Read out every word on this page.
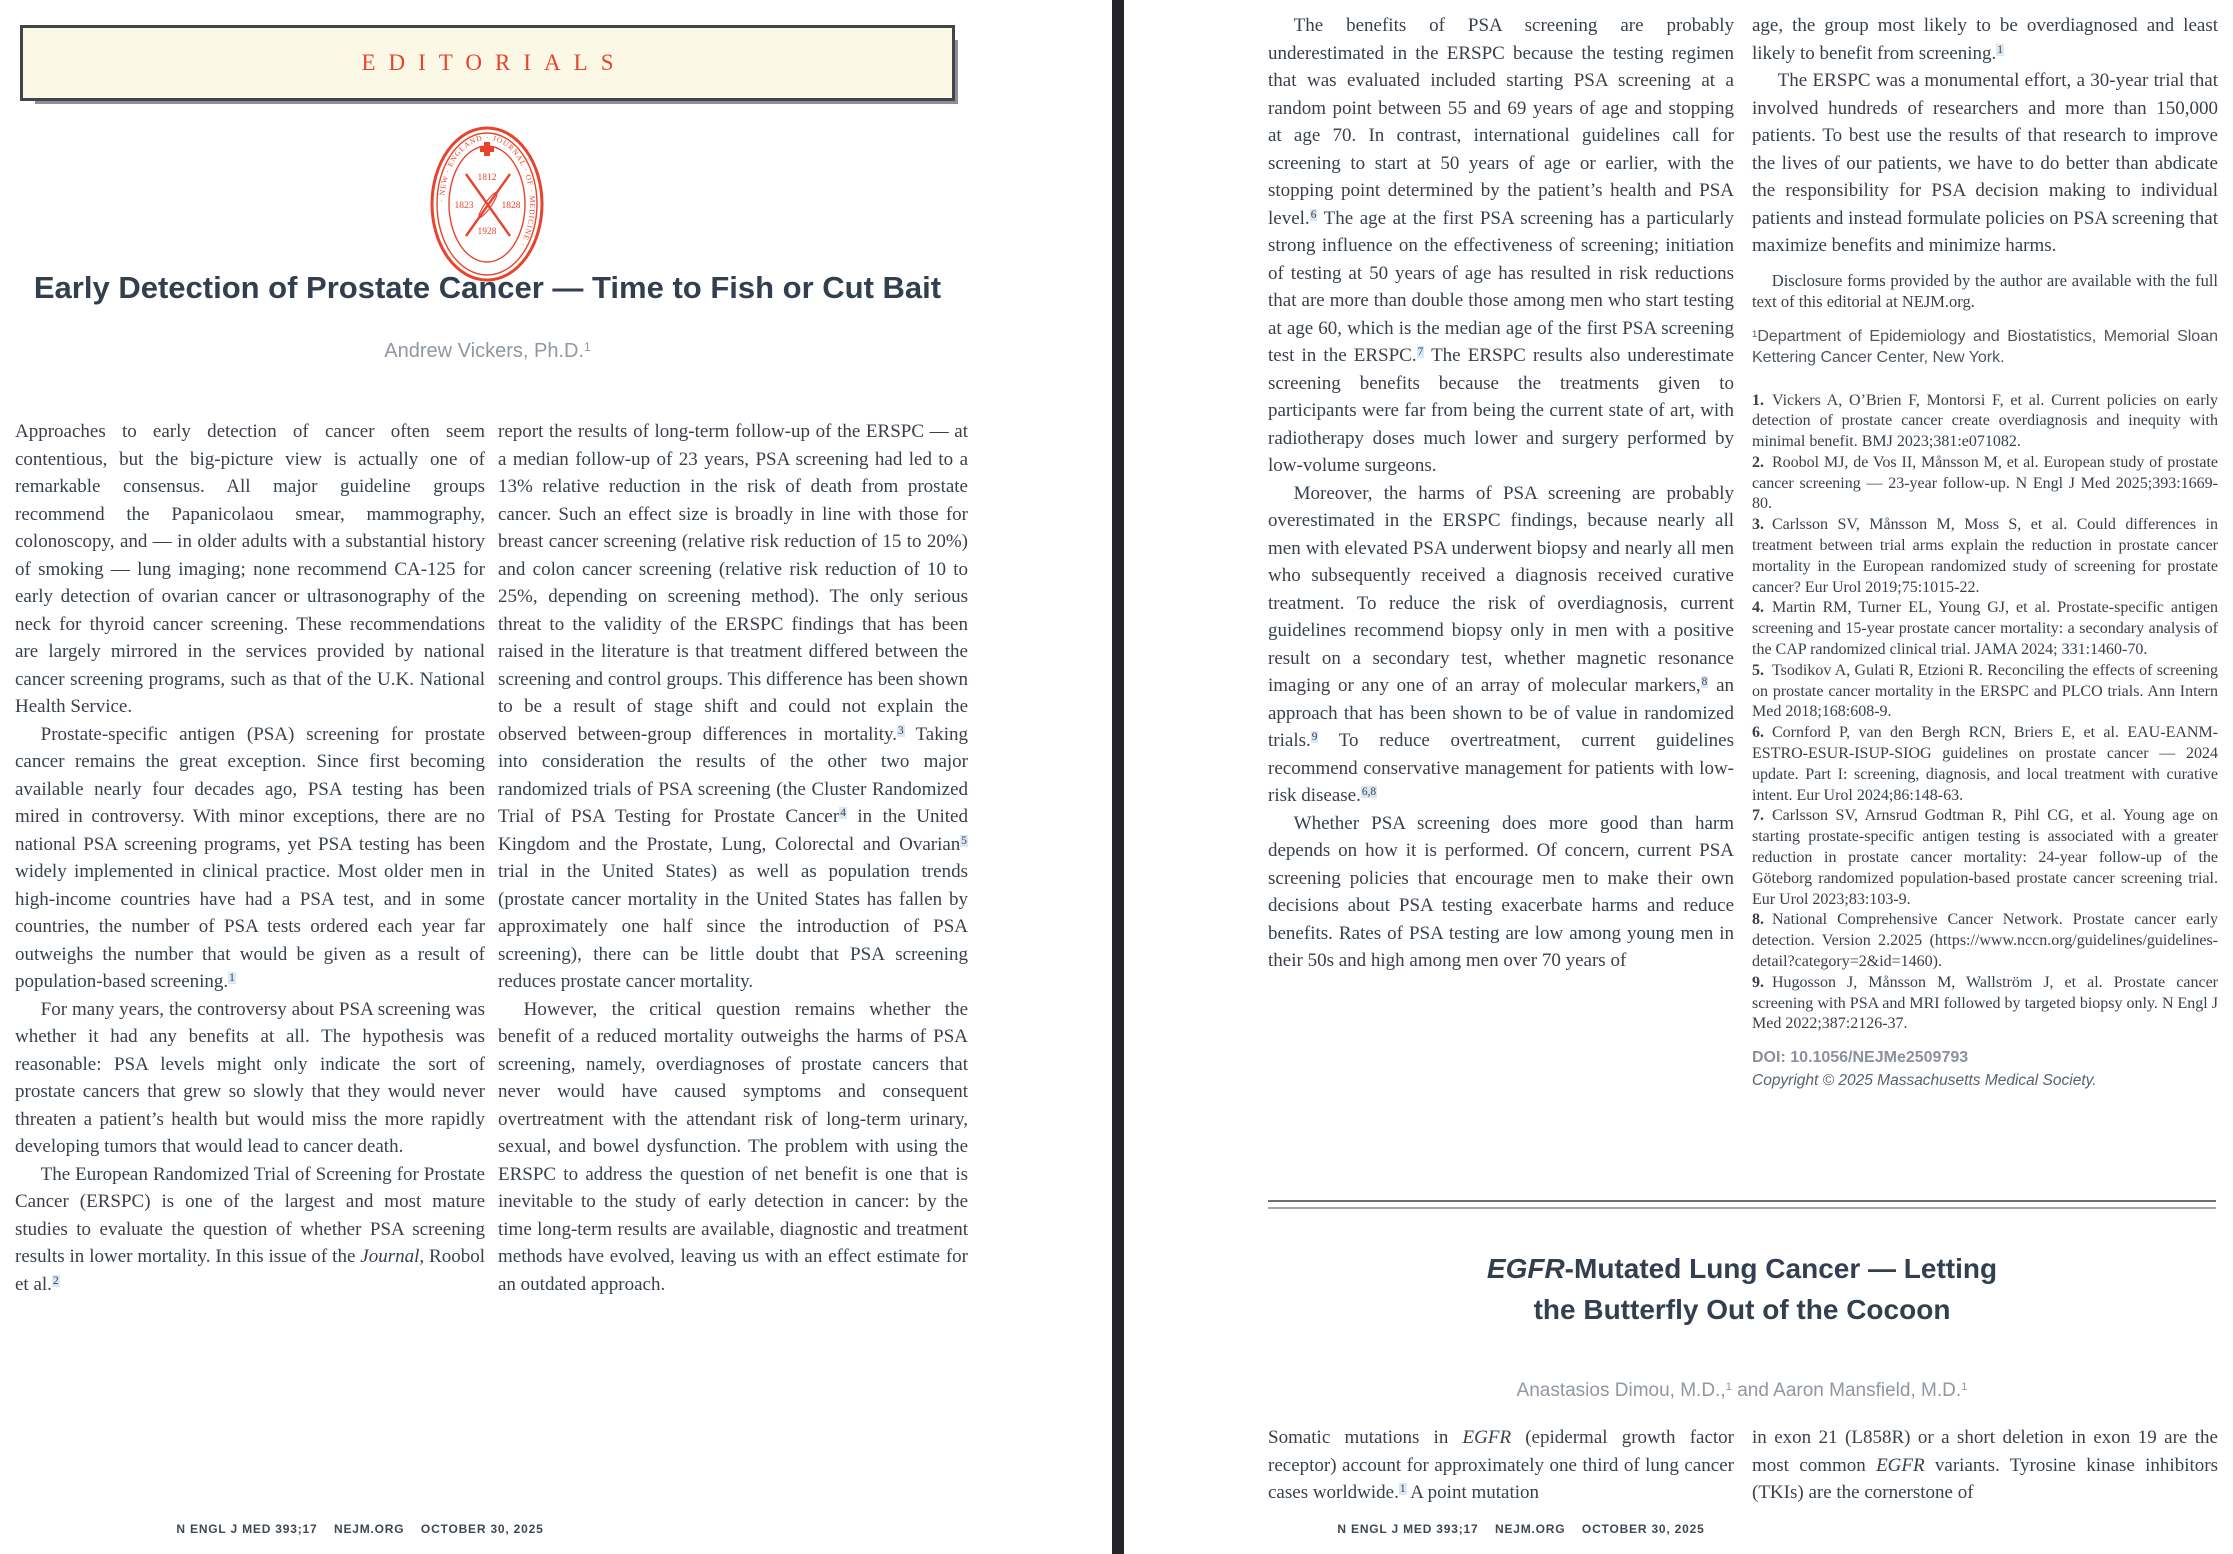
EDITORIALS
· NEW · ENGLAND · JOURNAL · OF · MEDICINE ·
1812
1823	1828
1928
Early Detection of Prostate Cancer — Time to Fish or Cut Bait
Andrew Vickers, Ph.D.$^1$

Approaches to early detection of cancer often seem contentious, but the big-picture view is actually one of remarkable consensus. All major guideline groups recommend the Papanicolaou smear, mammography, colonoscopy, and — in older adults with a substantial history of smoking — lung imaging; none recommend CA-125 for early detection of ovarian cancer or ultrasonography of the neck for thyroid cancer screening. These recommendations are largely mirrored in the services provided by national cancer screening programs, such as that of the U.K. National Health Service.

Prostate-specific antigen (PSA) screening for prostate cancer remains the great exception. Since first becoming available nearly four decades ago, PSA testing has been mired in controversy. With minor exceptions, there are no national PSA screening programs, yet PSA testing has been widely implemented in clinical practice. Most older men in high-income countries have had a PSA test, and in some countries, the number of PSA tests ordered each year far outweighs the number that would be given as a result of population-based screening.$^1$

For many years, the controversy about PSA screening was whether it had any benefits at all. The hypothesis was reasonable: PSA levels might only indicate the sort of prostate cancers that grew so slowly that they would never threaten a patient’s health but would miss the more rapidly developing tumors that would lead to cancer death.

The European Randomized Trial of Screening for Prostate Cancer (ERSPC) is one of the largest and most mature studies to evaluate the question of whether PSA screening results in lower mortality. In this issue of the Journal, Roobol et al.$^2$

report the results of long-term follow-up of the ERSPC — at a median follow-up of 23 years, PSA screening had led to a 13% relative reduction in the risk of death from prostate cancer. Such an effect size is broadly in line with those for breast cancer screening (relative risk reduction of 15 to 20%) and colon cancer screening (relative risk reduction of 10 to 25%, depending on screening method). The only serious threat to the validity of the ERSPC findings that has been raised in the literature is that treatment differed between the screening and control groups. This difference has been shown to be a result of stage shift and could not explain the observed between-group differences in mortality.$^3$ Taking into consideration the results of the other two major randomized trials of PSA screening (the Cluster Randomized Trial of PSA Testing for Prostate Cancer$^4$ in the United Kingdom and the Prostate, Lung, Colorectal and Ovarian$^5$ trial in the United States) as well as population trends (prostate cancer mortality in the United States has fallen by approximately one half since the introduction of PSA screening), there can be little doubt that PSA screening reduces prostate cancer mortality.

However, the critical question remains whether the benefit of a reduced mortality outweighs the harms of PSA screening, namely, overdiagnoses of prostate cancers that never would have caused symptoms and consequent overtreatment with the attendant risk of long-term urinary, sexual, and bowel dysfunction. The problem with using the ERSPC to address the question of net benefit is one that is inevitable to the study of early detection in cancer: by the time long-term results are available, diagnostic and treatment methods have evolved, leaving us with an effect estimate for an outdated approach.

N ENGL J MED 393;17    NEJM.ORG    OCTOBER 30, 2025

The benefits of PSA screening are probably underestimated in the ERSPC because the testing regimen that was evaluated included starting PSA screening at a random point between 55 and 69 years of age and stopping at age 70. In contrast, international guidelines call for screening to start at 50 years of age or earlier, with the stopping point determined by the patient’s health and PSA level.$^6$ The age at the first PSA screening has a particularly strong influence on the effectiveness of screening; initiation of testing at 50 years of age has resulted in risk reductions that are more than double those among men who start testing at age 60, which is the median age of the first PSA screening test in the ERSPC.$^7$ The ERSPC results also underestimate screening benefits because the treatments given to participants were far from being the current state of art, with radiotherapy doses much lower and surgery performed by low-volume surgeons.

Moreover, the harms of PSA screening are probably overestimated in the ERSPC findings, because nearly all men with elevated PSA underwent biopsy and nearly all men who subsequently received a diagnosis received curative treatment. To reduce the risk of overdiagnosis, current guidelines recommend biopsy only in men with a positive result on a secondary test, whether magnetic resonance imaging or any one of an array of molecular markers,$^8$ an approach that has been shown to be of value in randomized trials.$^9$ To reduce overtreatment, current guidelines recommend conservative management for patients with low-risk disease.$^{6,8}$

Whether PSA screening does more good than harm depends on how it is performed. Of concern, current PSA screening policies that encourage men to make their own decisions about PSA testing exacerbate harms and reduce benefits. Rates of PSA testing are low among young men in their 50s and high among men over 70 years of

age, the group most likely to be overdiagnosed and least likely to benefit from screening.$^1$

The ERSPC was a monumental effort, a 30-year trial that involved hundreds of researchers and more than 150,000 patients. To best use the results of that research to improve the lives of our patients, we have to do better than abdicate the responsibility for PSA decision making to individual patients and instead formulate policies on PSA screening that maximize benefits and minimize harms.

Disclosure forms provided by the author are available with the full text of this editorial at NEJM.org.

$^1$Department of Epidemiology and Biostatistics, Memorial Sloan Kettering Cancer Center, New York.

1. Vickers A, O’Brien F, Montorsi F, et al. Current policies on early detection of prostate cancer create overdiagnosis and inequity with minimal benefit. BMJ 2023;381:e071082.

2. Roobol MJ, de Vos II, Månsson M, et al. European study of prostate cancer screening — 23-year follow-up. N Engl J Med 2025;393:1669-80.

3. Carlsson SV, Månsson M, Moss S, et al. Could differences in treatment between trial arms explain the reduction in prostate cancer mortality in the European randomized study of screening for prostate cancer? Eur Urol 2019;75:1015-22.

4. Martin RM, Turner EL, Young GJ, et al. Prostate-specific antigen screening and 15-year prostate cancer mortality: a secondary analysis of the CAP randomized clinical trial. JAMA 2024; 331:1460-70.

5. Tsodikov A, Gulati R, Etzioni R. Reconciling the effects of screening on prostate cancer mortality in the ERSPC and PLCO trials. Ann Intern Med 2018;168:608-9.

6. Cornford P, van den Bergh RCN, Briers E, et al. EAU-EANM-ESTRO-ESUR-ISUP-SIOG guidelines on prostate cancer — 2024 update. Part I: screening, diagnosis, and local treatment with curative intent. Eur Urol 2024;86:148-63.

7. Carlsson SV, Arnsrud Godtman R, Pihl CG, et al. Young age on starting prostate-specific antigen testing is associated with a greater reduction in prostate cancer mortality: 24-year follow-up of the Göteborg randomized population-based prostate cancer screening trial. Eur Urol 2023;83:103-9.

8. National Comprehensive Cancer Network. Prostate cancer early detection. Version 2.2025 (https://www.nccn.org/guidelines/guidelines-detail?category=2&id=1460).

9. Hugosson J, Månsson M, Wallström J, et al. Prostate cancer screening with PSA and MRI followed by targeted biopsy only. N Engl J Med 2022;387:2126-37.

DOI: 10.1056/NEJMe2509793

Copyright © 2025 Massachusetts Medical Society.

EGFR-Mutated Lung Cancer — Letting
the Butterfly Out of the Cocoon
Anastasios Dimou, M.D.,$^1$ and Aaron Mansfield, M.D.$^1$

Somatic mutations in EGFR (epidermal growth factor receptor) account for approximately one third of lung cancer cases worldwide.$^1$ A point mutation

in exon 21 (L858R) or a short deletion in exon 19 are the most common EGFR variants. Tyrosine kinase inhibitors (TKIs) are the cornerstone of

N ENGL J MED 393;17    NEJM.ORG    OCTOBER 30, 2025
